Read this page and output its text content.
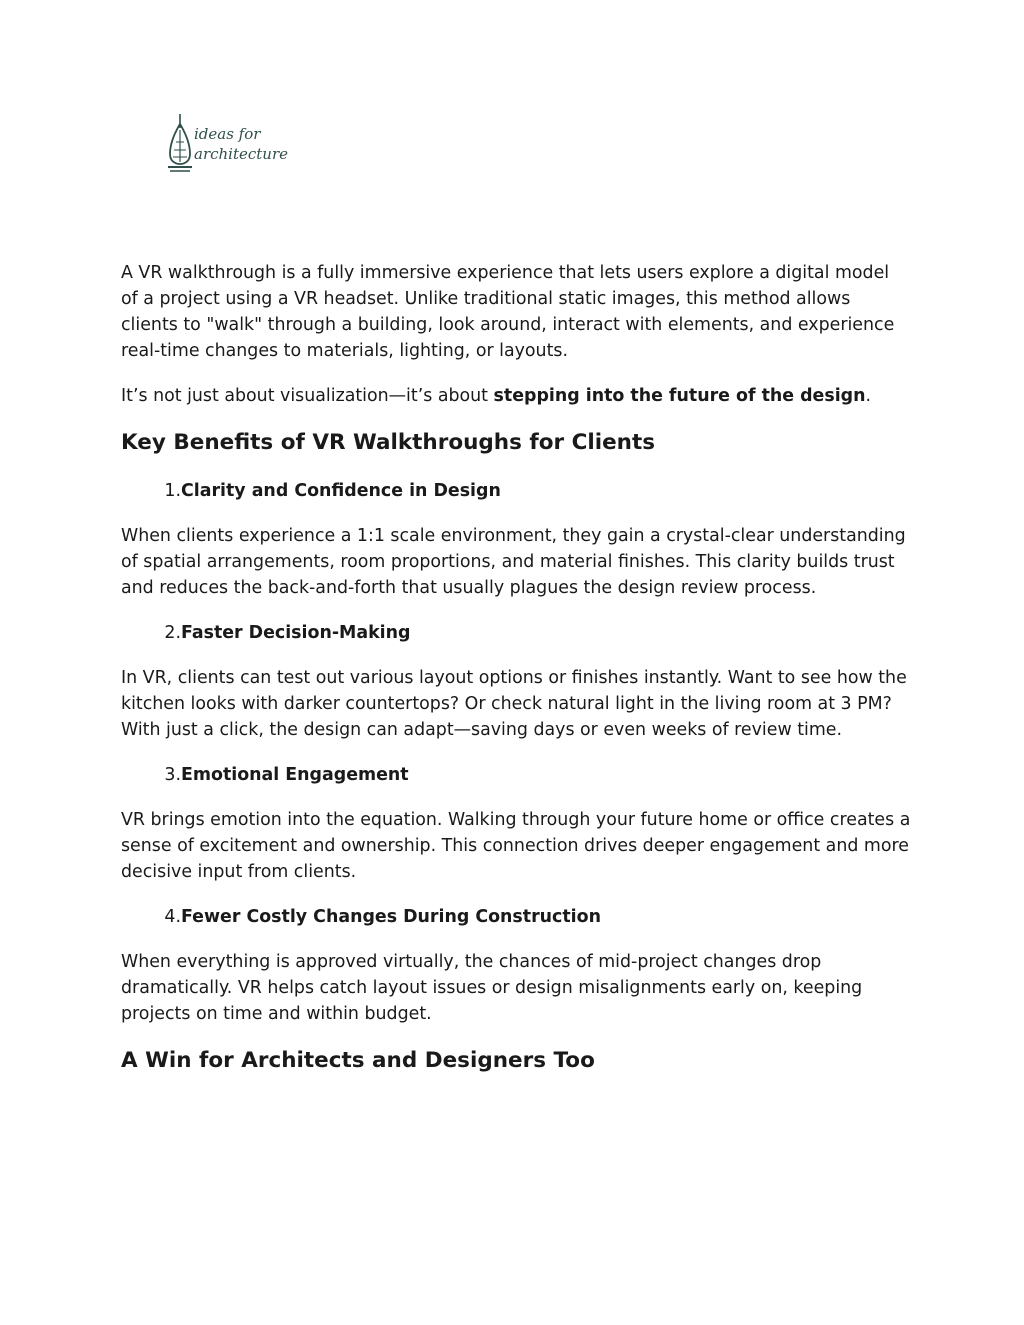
ideas for
architecture

A VR walkthrough is a fully immersive experience that lets users explore a digital model of a project using a VR headset. Unlike traditional static images, this method allows clients to "walk" through a building, look around, interact with elements, and experience real-time changes to materials, lighting, or layouts.

It’s not just about visualization—it’s about stepping into the future of the design.

Key Benefits of VR Walkthroughs for Clients
1. Clarity and Confidence in Design

When clients experience a 1:1 scale environment, they gain a crystal-clear understanding of spatial arrangements, room proportions, and material finishes. This clarity builds trust and reduces the back-and-forth that usually plagues the design review process.

2. Faster Decision-Making

In VR, clients can test out various layout options or finishes instantly. Want to see how the kitchen looks with darker countertops? Or check natural light in the living room at 3 PM? With just a click, the design can adapt—saving days or even weeks of review time.

3. Emotional Engagement

VR brings emotion into the equation. Walking through your future home or office creates a sense of excitement and ownership. This connection drives deeper engagement and more decisive input from clients.

4. Fewer Costly Changes During Construction

When everything is approved virtually, the chances of mid-project changes drop dramatically. VR helps catch layout issues or design misalignments early on, keeping projects on time and within budget.

A Win for Architects and Designers Too
